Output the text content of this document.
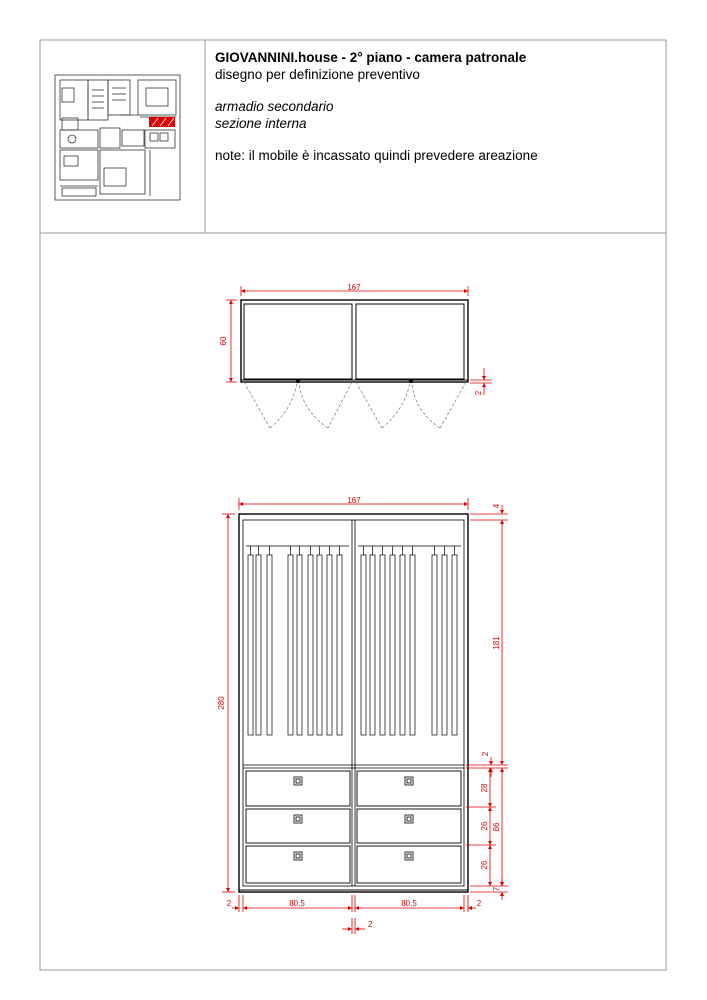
167
60
2
167
280
4
181
2
28
26
26
86
7
2	80,5	80,5	2
2
GIOVANNINI.house - 2° piano - camera patronale
disegno per definizione preventivo
armadio secondario
sezione interna
note: il mobile è incassato quindi prevedere areazione
